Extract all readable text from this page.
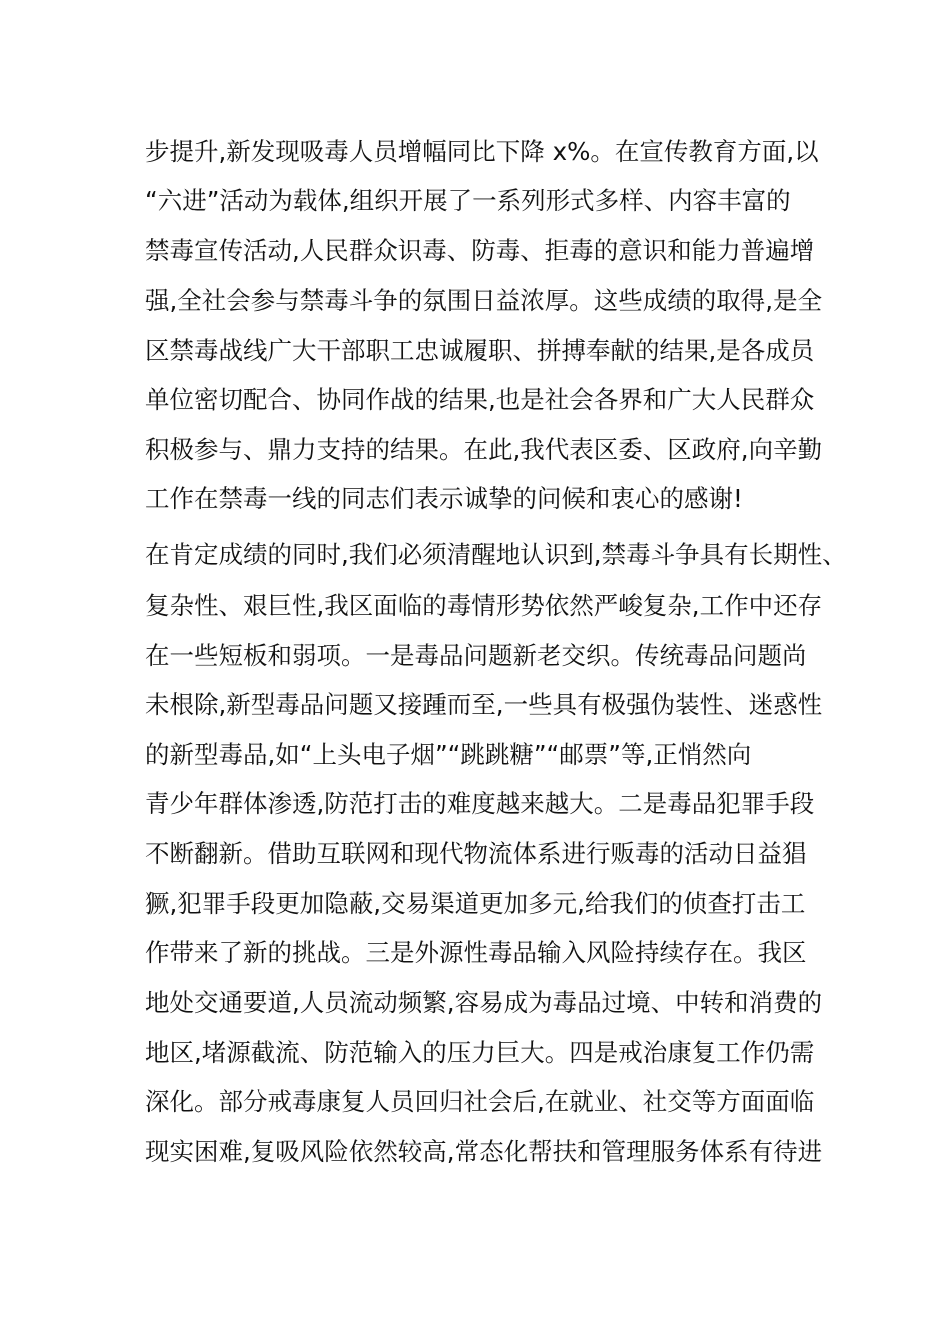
步提升,新发现吸毒人员增幅同比下降 x%。在宣传教育方面,以
“六进”活动为载体,组织开展了一系列形式多样、内容丰富的
禁毒宣传活动,人民群众识毒、防毒、拒毒的意识和能力普遍增
强,全社会参与禁毒斗争的氛围日益浓厚。这些成绩的取得,是全
区禁毒战线广大干部职工忠诚履职、拼搏奉献的结果,是各成员
单位密切配合、协同作战的结果,也是社会各界和广大人民群众
积极参与、鼎力支持的结果。在此,我代表区委、区政府,向辛勤
工作在禁毒一线的同志们表示诚挚的问候和衷心的感谢!
在肯定成绩的同时,我们必须清醒地认识到,禁毒斗争具有长期性、
复杂性、艰巨性,我区面临的毒情形势依然严峻复杂,工作中还存
在一些短板和弱项。一是毒品问题新老交织。传统毒品问题尚
未根除,新型毒品问题又接踵而至,一些具有极强伪装性、迷惑性
的新型毒品,如“上头电子烟”“跳跳糖”“邮票”等,正悄然向
青少年群体渗透,防范打击的难度越来越大。二是毒品犯罪手段
不断翻新。借助互联网和现代物流体系进行贩毒的活动日益猖
獗,犯罪手段更加隐蔽,交易渠道更加多元,给我们的侦查打击工
作带来了新的挑战。三是外源性毒品输入风险持续存在。我区
地处交通要道,人员流动频繁,容易成为毒品过境、中转和消费的
地区,堵源截流、防范输入的压力巨大。四是戒治康复工作仍需
深化。部分戒毒康复人员回归社会后,在就业、社交等方面面临
现实困难,复吸风险依然较高,常态化帮扶和管理服务体系有待进
